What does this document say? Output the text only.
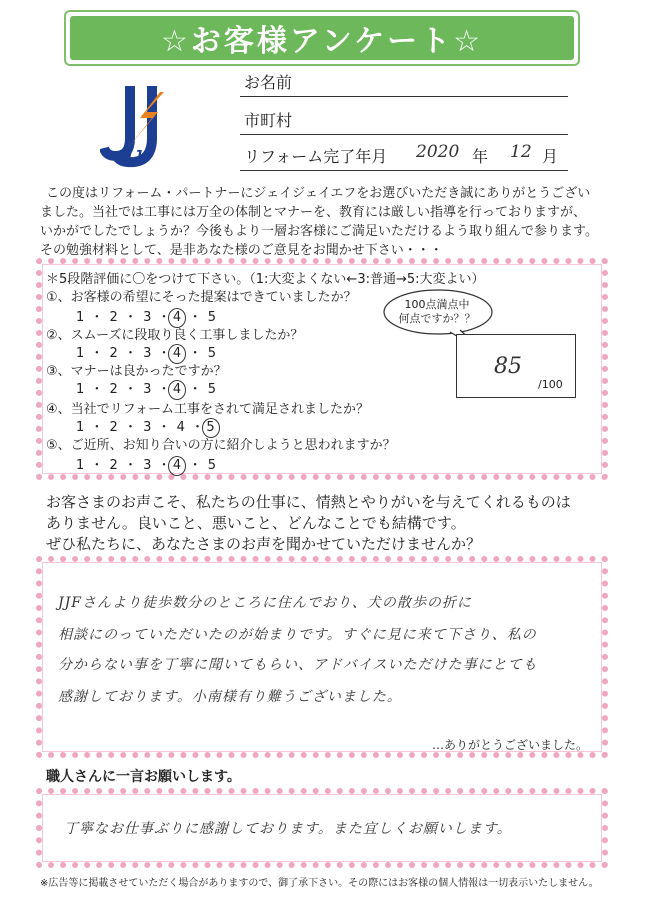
☆お客様アンケート☆
JJF
お名前
市町村
リフォーム完了年月 2020 年 12 月

この度はリフォーム・パートナーにジェイジェイエフをお選びいただき誠にありがとうござい

ました。当社では工事には万全の体制とマナーを、教育には厳しい指導を行っておりますが、

いかがでしたでしょうか？今後もより一層お客様にご満足いただけるよう取り組んで参ります。

その勉強材料として、是非あなた様のご意見をお聞かせ下さい・・・

＊5段階評価に〇をつけて下さい。（1:大変よくない←3:普通→5:大変よい）
①、お客様の希望にそった提案はできていましたか？
1 ・ 2 ・ 3 ・4 ・ 5
②、スムーズに段取り良く工事しましたか？
1 ・ 2 ・ 3 ・4 ・ 5
③、マナーは良かったですか？
1 ・ 2 ・ 3 ・4 ・ 5
④、当社でリフォーム工事をされて満足されましたか？
1 ・ 2 ・ 3 ・ 4 ・5
⑤、ご近所、お知り合いの方に紹介しようと思われますか？
1 ・ 2 ・ 3 ・4 ・ 5
100点満点中
何点ですか？？
85
/100
お客さまのお声こそ、私たちの仕事に、情熱とやりがいを与えてくれるものは
ありません。良いこと、悪いこと、どんなことでも結構です。
ぜひ私たちに、あなたさまのお声を聞かせていただけませんか？
JJFさんより徒歩数分のところに住んでおり、犬の散歩の折に
相談にのっていただいたのが始まりです。すぐに見に来て下さり、私の
分からない事を丁寧に聞いてもらい、アドバイスいただけた事にとても
感謝しております。小南様有り難うございました。
…ありがとうございました。
職人さんに一言お願いします。
丁寧なお仕事ぶりに感謝しております。また宜しくお願いします。
※広告等に掲載させていただく場合がありますので、御了承下さい。その際にはお客様の個人情報は一切表示いたしません。
